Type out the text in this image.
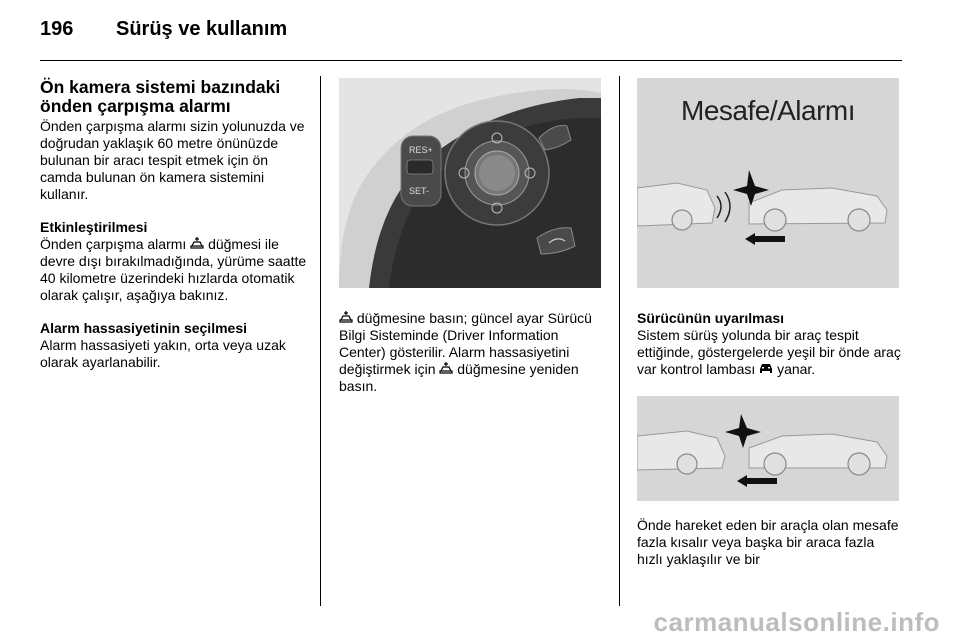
196 Sürüş ve kullanım
Ön kamera sistemi bazındaki önden çarpışma alarmı

Önden çarpışma alarmı sizin yolunuzda ve doğrudan yaklaşık 60 metre önünüzde bulunan bir aracı tespit etmek için ön camda bulunan ön kamera sistemini kullanır.

Etkinleştirilmesi

Önden çarpışma alarmı düğmesi ile devre dışı bırakılmadığında, yürüme saatte 40 kilometre üzerindeki hızlarda otomatik olarak çalışır, aşağıya bakınız.

Alarm hassasiyetinin seçilmesi

Alarm hassasiyeti yakın, orta veya uzak olarak ayarlanabilir.

RES+
SET-

düğmesine basın; güncel ayar Sürücü Bilgi Sisteminde (Driver Information Center) gösterilir. Alarm hassasiyetini değiştirmek için düğmesine yeniden basın.

Mesafe/Alarmı
Sürücünün uyarılması

Sistem sürüş yolunda bir araç tespit ettiğinde, göstergelerde yeşil bir önde araç var kontrol lambası yanar.

Önde hareket eden bir araçla olan mesafe fazla kısalır veya başka bir araca fazla hızlı yaklaşılır ve bir

carmanualsonline.info
